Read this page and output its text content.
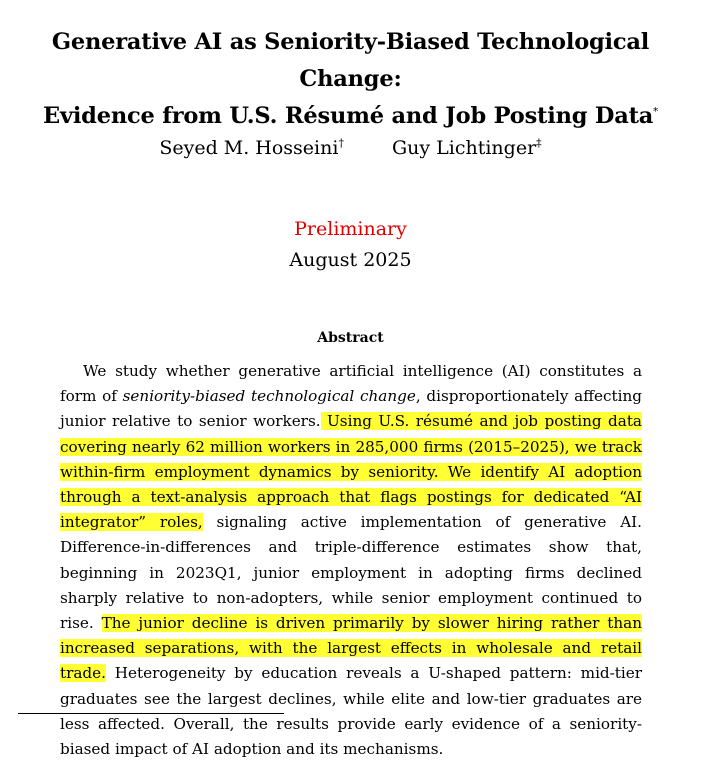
Generative AI as Seniority-Biased Technological Change:
Evidence from U.S. Résumé and Job Posting Data*
Seyed M. Hosseini†	Guy Lichtinger‡
Preliminary
August 2025
Abstract
We study whether generative artificial intelligence (AI) constitutes a form of seniority-biased technological change, disproportionately affecting junior relative to senior workers. Using U.S. résumé and job posting data covering nearly 62 million workers in 285,000 firms (2015–2025), we track within-firm employment dynamics by seniority. We identify AI adoption through a text-analysis approach that flags postings for dedicated “AI integrator” roles, signaling active implementation of generative AI. Difference-in-differences and triple-difference estimates show that, beginning in 2023Q1, junior employment in adopting firms declined sharply relative to non-adopters, while senior employment continued to rise. The junior decline is driven primarily by slower hiring rather than increased separations, with the largest effects in wholesale and retail trade. Heterogeneity by education reveals a U-shaped pattern: mid-tier graduates see the largest declines, while elite and low-tier graduates are less affected. Overall, the results provide early evidence of a seniority-biased impact of AI adoption and its mechanisms.
